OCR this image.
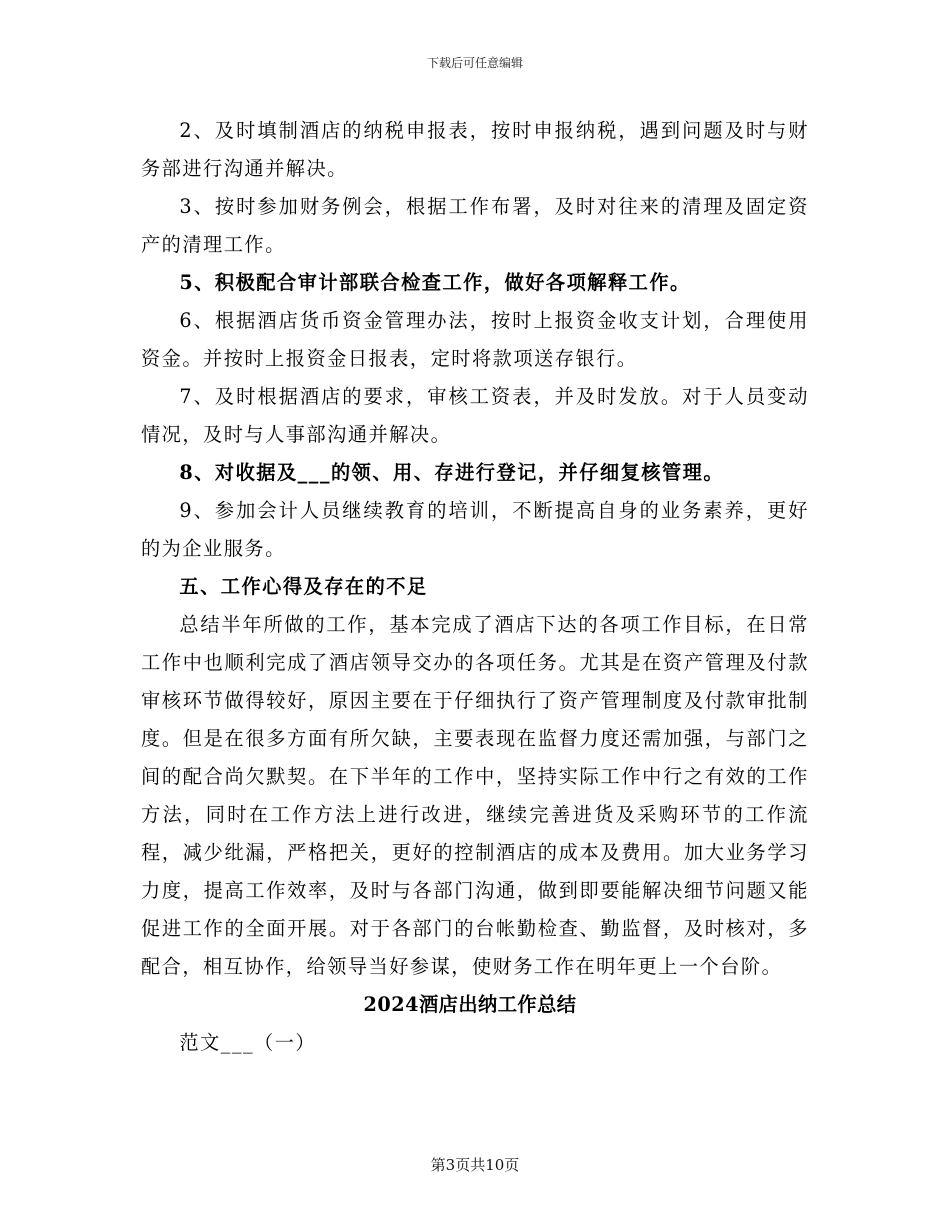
下载后可任意编辑

2、及时填制酒店的纳税申报表，按时申报纳税，遇到问题及时与财务部进行沟通并解决。

3、按时参加财务例会，根据工作布署，及时对往来的清理及固定资产的清理工作。

5、积极配合审计部联合检查工作，做好各项解释工作。

6、根据酒店货币资金管理办法，按时上报资金收支计划，合理使用资金。并按时上报资金日报表，定时将款项送存银行。

7、及时根据酒店的要求，审核工资表，并及时发放。对于人员变动情况，及时与人事部沟通并解决。

8、对收据及___的领、用、存进行登记，并仔细复核管理。

9、参加会计人员继续教育的培训，不断提高自身的业务素养，更好的为企业服务。

五、工作心得及存在的不足

总结半年所做的工作，基本完成了酒店下达的各项工作目标，在日常工作中也顺利完成了酒店领导交办的各项任务。尤其是在资产管理及付款审核环节做得较好，原因主要在于仔细执行了资产管理制度及付款审批制度。但是在很多方面有所欠缺，主要表现在监督力度还需加强，与部门之间的配合尚欠默契。在下半年的工作中，坚持实际工作中行之有效的工作方法，同时在工作方法上进行改进，继续完善进货及采购环节的工作流程，减少纰漏，严格把关，更好的控制酒店的成本及费用。加大业务学习力度，提高工作效率，及时与各部门沟通，做到即要能解决细节问题又能促进工作的全面开展。对于各部门的台帐勤检查、勤监督，及时核对，多配合，相互协作，给领导当好参谋，使财务工作在明年更上一个台阶。

2024酒店出纳工作总结

范文___（一）

第3页共10页
